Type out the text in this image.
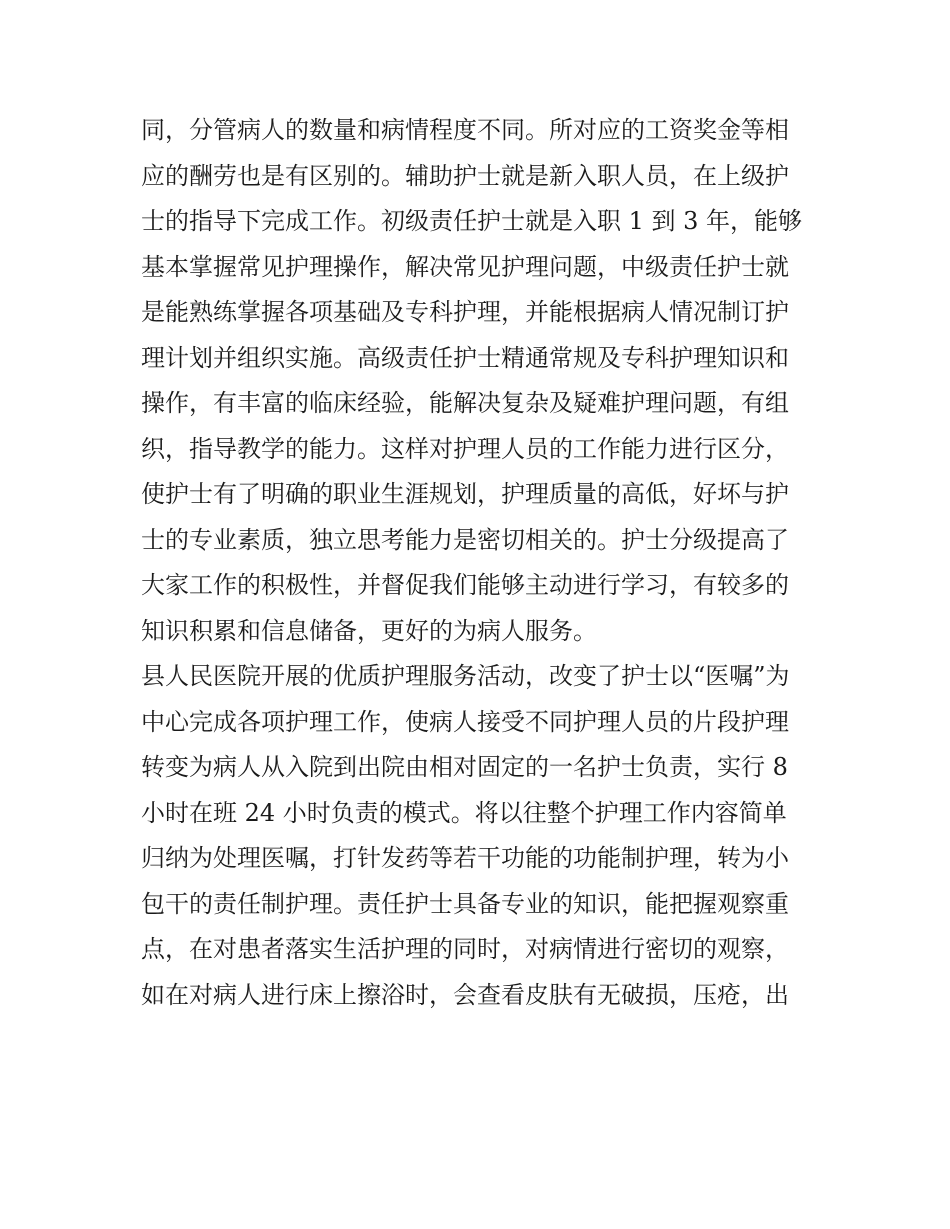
同，分管病人的数量和病情程度不同。所对应的工资奖金等相
应的酬劳也是有区别的。辅助护士就是新入职人员，在上级护
士的指导下完成工作。初级责任护士就是入职 1 到 3 年，能够
基本掌握常见护理操作，解决常见护理问题，中级责任护士就
是能熟练掌握各项基础及专科护理，并能根据病人情况制订护
理计划并组织实施。高级责任护士精通常规及专科护理知识和
操作，有丰富的临床经验，能解决复杂及疑难护理问题，有组
织，指导教学的能力。这样对护理人员的工作能力进行区分，
使护士有了明确的职业生涯规划，护理质量的高低，好坏与护
士的专业素质，独立思考能力是密切相关的。护士分级提高了
大家工作的积极性，并督促我们能够主动进行学习，有较多的
知识积累和信息储备，更好的为病人服务。
县人民医院开展的优质护理服务活动，改变了护士以“医嘱”为
中心完成各项护理工作，使病人接受不同护理人员的片段护理
转变为病人从入院到出院由相对固定的一名护士负责，实行 8
小时在班 24 小时负责的模式。将以往整个护理工作内容简单
归纳为处理医嘱，打针发药等若干功能的功能制护理，转为小
包干的责任制护理。责任护士具备专业的知识，能把握观察重
点，在对患者落实生活护理的同时，对病情进行密切的观察，
如在对病人进行床上擦浴时，会查看皮肤有无破损，压疮，出
